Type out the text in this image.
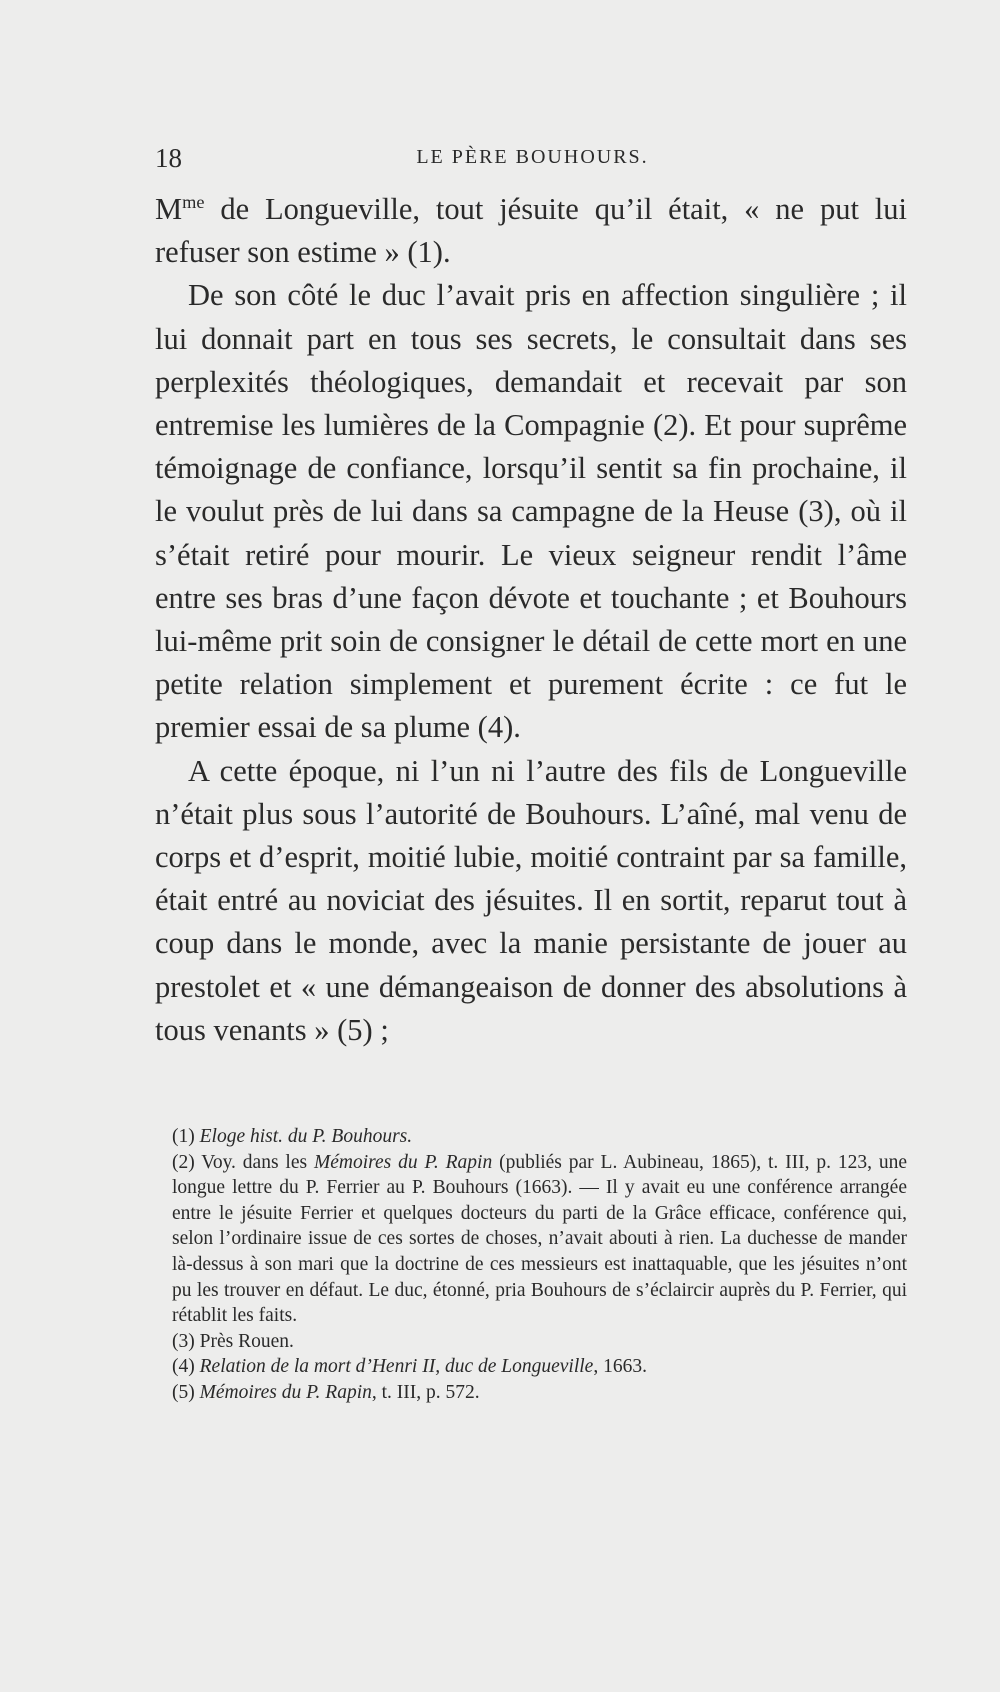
18	LE PÈRE BOUHOURS.

$M^{me}$ de Longueville, tout jésuite qu’il était, « ne put lui refuser son estime » (1).

De son côté le duc l’avait pris en affection singulière ; il lui donnait part en tous ses secrets, le consultait dans ses perplexités théologiques, demandait et recevait par son entremise les lumières de la Compagnie (2). Et pour suprême témoignage de confiance, lorsqu’il sentit sa fin prochaine, il le voulut près de lui dans sa campagne de la Heuse (3), où il s’était retiré pour mourir. Le vieux seigneur rendit l’âme entre ses bras d’une façon dévote et touchante ; et Bouhours lui-même prit soin de consigner le détail de cette mort en une petite relation simplement et purement écrite : ce fut le premier essai de sa plume (4).

A cette époque, ni l’un ni l’autre des fils de Longueville n’était plus sous l’autorité de Bouhours. L’aîné, mal venu de corps et d’esprit, moitié lubie, moitié contraint par sa famille, était entré au noviciat des jésuites. Il en sortit, reparut tout à coup dans le monde, avec la manie persistante de jouer au prestolet et « une démangeaison de donner des absolutions à tous venants » (5) ;

(1) Eloge hist. du P. Bouhours.

(2) Voy. dans les Mémoires du P. Rapin (publiés par L. Aubineau, 1865), t. III, p. 123, une longue lettre du P. Ferrier au P. Bouhours (1663). — Il y avait eu une conférence arrangée entre le jésuite Ferrier et quelques docteurs du parti de la Grâce efficace, conférence qui, selon l’ordinaire issue de ces sortes de choses, n’avait abouti à rien. La duchesse de mander là-dessus à son mari que la doctrine de ces messieurs est inattaquable, que les jésuites n’ont pu les trouver en défaut. Le duc, étonné, pria Bouhours de s’éclaircir auprès du P. Ferrier, qui rétablit les faits.

(3) Près Rouen.

(4) Relation de la mort d’Henri II, duc de Longueville, 1663.

(5) Mémoires du P. Rapin, t. III, p. 572.
